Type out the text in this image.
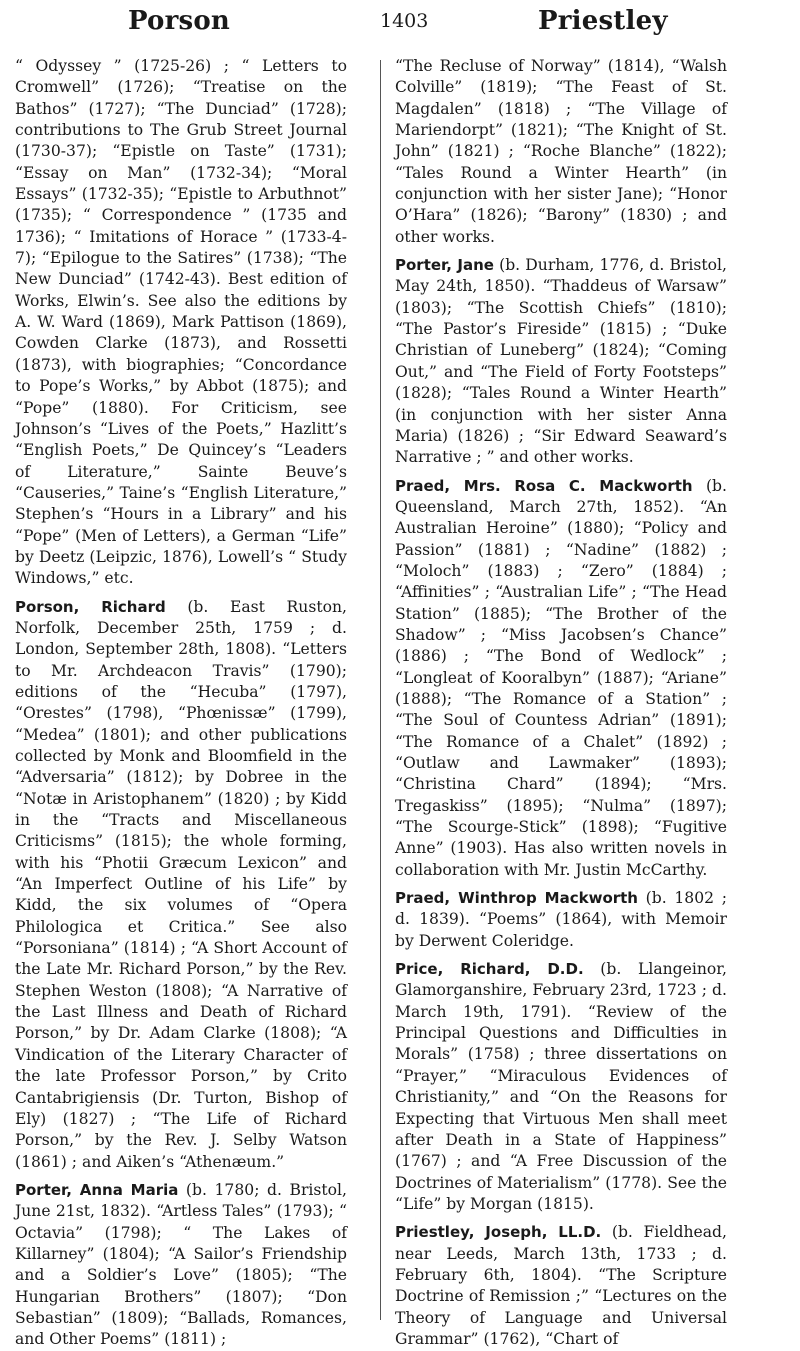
Porson	1403	Priestley

“ Odyssey ” (1725-26) ; “ Letters to Cromwell” (1726); “Treatise on the Bathos” (1727); “The Dunciad” (1728); contributions to The Grub Street Journal (1730-37); “Epistle on Taste” (1731); “Essay on Man” (1732-34); “Moral Essays” (1732-35); “Epistle to Arbuthnot” (1735); “ Correspondence ” (1735 and 1736); “ Imitations of Horace ” (1733-4-7); “Epilogue to the Satires” (1738); “The New Dunciad” (1742-43). Best edition of Works, Elwin’s. See also the editions by A. W. Ward (1869), Mark Pattison (1869), Cowden Clarke (1873), and Rossetti (1873), with biographies; “Concordance to Pope’s Works,” by Abbot (1875); and “Pope” (1880). For Criticism, see Johnson’s “Lives of the Poets,” Hazlitt’s “English Poets,” De Quincey’s “Leaders of Literature,” Sainte Beuve’s “Causeries,” Taine’s “English Literature,” Stephen’s “Hours in a Library” and his “Pope” (Men of Letters), a German “Life” by Deetz (Leipzic, 1876), Lowell’s “ Study Windows,” etc.

Porson, Richard (b. East Ruston, Norfolk, December 25th, 1759 ; d. London, September 28th, 1808). “Letters to Mr. Archdeacon Travis” (1790); editions of the “Hecuba” (1797), “Orestes” (1798), “Phœnissæ” (1799), “Medea” (1801); and other publications collected by Monk and Bloomfield in the “Adversaria” (1812); by Dobree in the “Notæ in Aristophanem” (1820) ; by Kidd in the “Tracts and Miscellaneous Criticisms” (1815); the whole forming, with his “Photii Græcum Lexicon” and “An Imperfect Outline of his Life” by Kidd, the six volumes of “Opera Philologica et Critica.” See also “Porsoniana” (1814) ; “A Short Account of the Late Mr. Richard Porson,” by the Rev. Stephen Weston (1808); “A Narrative of the Last Illness and Death of Richard Porson,” by Dr. Adam Clarke (1808); “A Vindication of the Literary Character of the late Professor Porson,” by Crito Cantabrigiensis (Dr. Turton, Bishop of Ely) (1827) ; “The Life of Richard Porson,” by the Rev. J. Selby Watson (1861) ; and Aiken’s “Athenæum.”

Porter, Anna Maria (b. 1780; d. Bristol, June 21st, 1832). “Artless Tales” (1793); “ Octavia” (1798); “ The Lakes of Killarney” (1804); “A Sailor’s Friendship and a Soldier’s Love” (1805); “The Hungarian Brothers” (1807); “Don Sebastian” (1809); “Ballads, Romances, and Other Poems” (1811) ;

“The Recluse of Norway” (1814), “Walsh Colville” (1819); “The Feast of St. Magdalen” (1818) ; “The Village of Mariendorpt” (1821); “The Knight of St. John” (1821) ; “Roche Blanche” (1822); “Tales Round a Winter Hearth” (in conjunction with her sister Jane); “Honor O’Hara” (1826); “Barony” (1830) ; and other works.

Porter, Jane (b. Durham, 1776, d. Bristol, May 24th, 1850). “Thaddeus of Warsaw” (1803); “The Scottish Chiefs” (1810); “The Pastor’s Fireside” (1815) ; “Duke Christian of Luneberg” (1824); “Coming Out,” and “The Field of Forty Footsteps” (1828); “Tales Round a Winter Hearth” (in conjunction with her sister Anna Maria) (1826) ; “Sir Edward Seaward’s Narrative ; ” and other works.

Praed, Mrs. Rosa C. Mackworth (b. Queensland, March 27th, 1852). “An Australian Heroine” (1880); “Policy and Passion” (1881) ; “Nadine” (1882) ; “Moloch” (1883) ; “Zero” (1884) ; “Affinities” ; “Australian Life” ; “The Head Station” (1885); “The Brother of the Shadow” ; “Miss Jacobsen’s Chance” (1886) ; “The Bond of Wedlock” ; “Longleat of Kooralbyn” (1887); “Ariane” (1888); “The Romance of a Station” ; “The Soul of Countess Adrian” (1891); “The Romance of a Chalet” (1892) ; “Outlaw and Lawmaker” (1893); “Christina Chard” (1894); “Mrs. Tregaskiss” (1895); “Nulma” (1897); “The Scourge-Stick” (1898); “Fugitive Anne” (1903). Has also written novels in collaboration with Mr. Justin McCarthy.

Praed, Winthrop Mackworth (b. 1802 ; d. 1839). “Poems” (1864), with Memoir by Derwent Coleridge.

Price, Richard, D.D. (b. Llangeinor, Glamorganshire, February 23rd, 1723 ; d. March 19th, 1791). “Review of the Principal Questions and Difficulties in Morals” (1758) ; three dissertations on “Prayer,” “Miraculous Evidences of Christianity,” and “On the Reasons for Expecting that Virtuous Men shall meet after Death in a State of Happiness” (1767) ; and “A Free Discussion of the Doctrines of Materialism” (1778). See the “Life” by Morgan (1815).

Priestley, Joseph, LL.D. (b. Fieldhead, near Leeds, March 13th, 1733 ; d. February 6th, 1804). “The Scripture Doctrine of Remission ;” “Lectures on the Theory of Language and Universal Grammar” (1762), “Chart of
